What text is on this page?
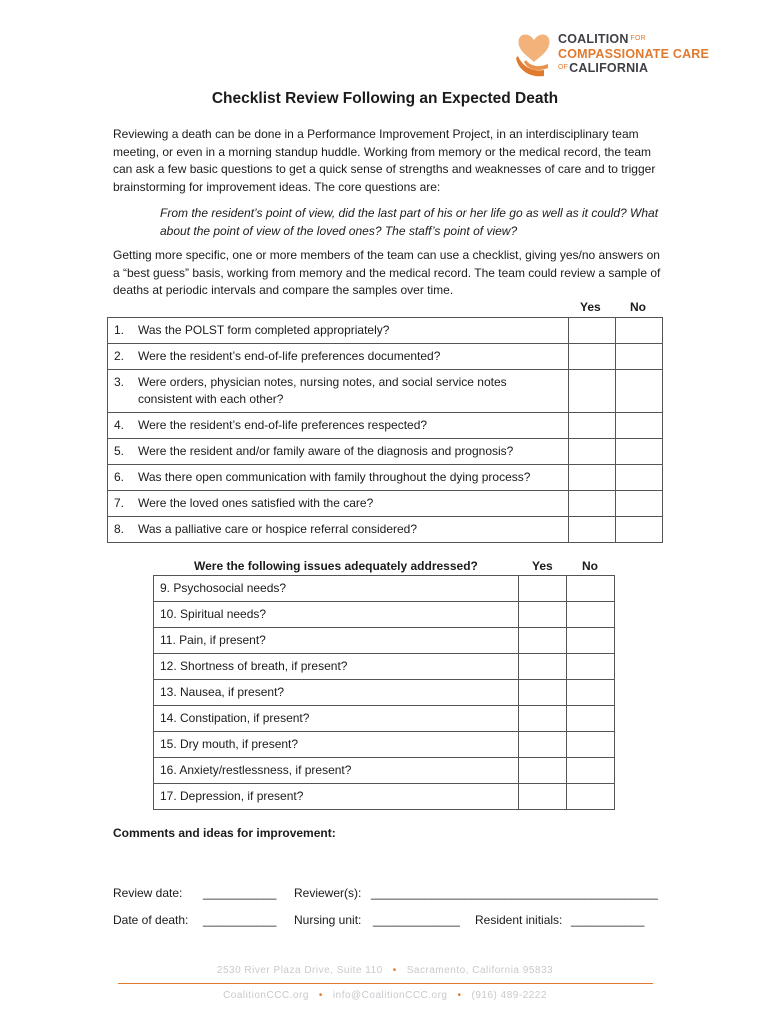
COALITION $^{FOR}$
COMPASSIONATE CARE
$^{OF}$CALIFORNIA
Checklist Review Following an Expected Death

Reviewing a death can be done in a Performance Improvement Project, in an interdisciplinary team meeting, or even in a morning standup huddle. Working from memory or the medical record, the team can ask a few basic questions to get a quick sense of strengths and weaknesses of care and to trigger brainstorming for improvement ideas. The core questions are:

From the resident’s point of view, did the last part of his or her life go as well as it could? What about the point of view of the loved ones? The staff’s point of view?

Getting more specific, one or more members of the team can use a checklist, giving yes/no answers on a “best guess” basis, working from memory and the medical record. The team could review a sample of deaths at periodic intervals and compare the samples over time.

Yes No
1. Was the POLST form completed appropriately?		
2. Were the resident’s end-of-life preferences documented?		
3. Were orders, physician notes, nursing notes, and social service notes consistent with each other?		
4. Were the resident’s end-of-life preferences respected?		
5. Were the resident and/or family aware of the diagnosis and prognosis?		
6. Was there open communication with family throughout the dying process?		
7. Were the loved ones satisfied with the care?		
8. Was a palliative care or hospice referral considered?		
Were the following issues adequately addressed?	Yes No
9. Psychosocial needs?		
10. Spiritual needs?		
11. Pain, if present?		
12. Shortness of breath, if present?		
13. Nausea, if present?		
14. Constipation, if present?		
15. Dry mouth, if present?		
16. Anxiety/restlessness, if present?		
17. Depression, if present?		
Comments and ideas for improvement:
Review date: ___________ Reviewer(s): ___________________________________________
Date of death: ___________ Nursing unit: _____________ Resident initials: ___________
2530 River Plaza Drive, Suite 110 • Sacramento, California 95833
CoalitionCCC.org • info@CoalitionCCC.org • (916) 489-2222
